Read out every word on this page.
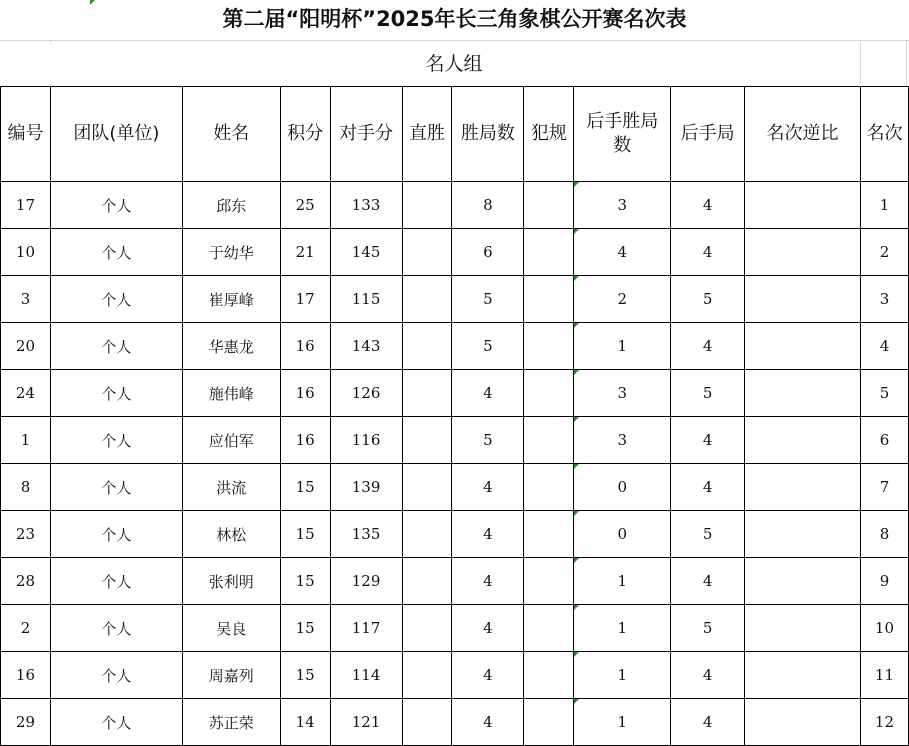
第二届“阳明杯”2025年长三角象棋公开赛名次表
名人组
编号	团队(单位)	姓名	积分	对手分	直胜	胜局数	犯规	后手胜局数	后手局	名次逆比	名次
17	个人	邱东	25	133		8		3	4		1
10	个人	于幼华	21	145		6		4	4		2
3	个人	崔厚峰	17	115		5		2	5		3
20	个人	华惠龙	16	143		5		1	4		4
24	个人	施伟峰	16	126		4		3	5		5
1	个人	应伯军	16	116		5		3	4		6
8	个人	洪流	15	139		4		0	4		7
23	个人	林松	15	135		4		0	5		8
28	个人	张利明	15	129		4		1	4		9
2	个人	吴良	15	117		4		1	5		10
16	个人	周嘉列	15	114		4		1	4		11
29	个人	苏正荣	14	121		4		1	4		12
